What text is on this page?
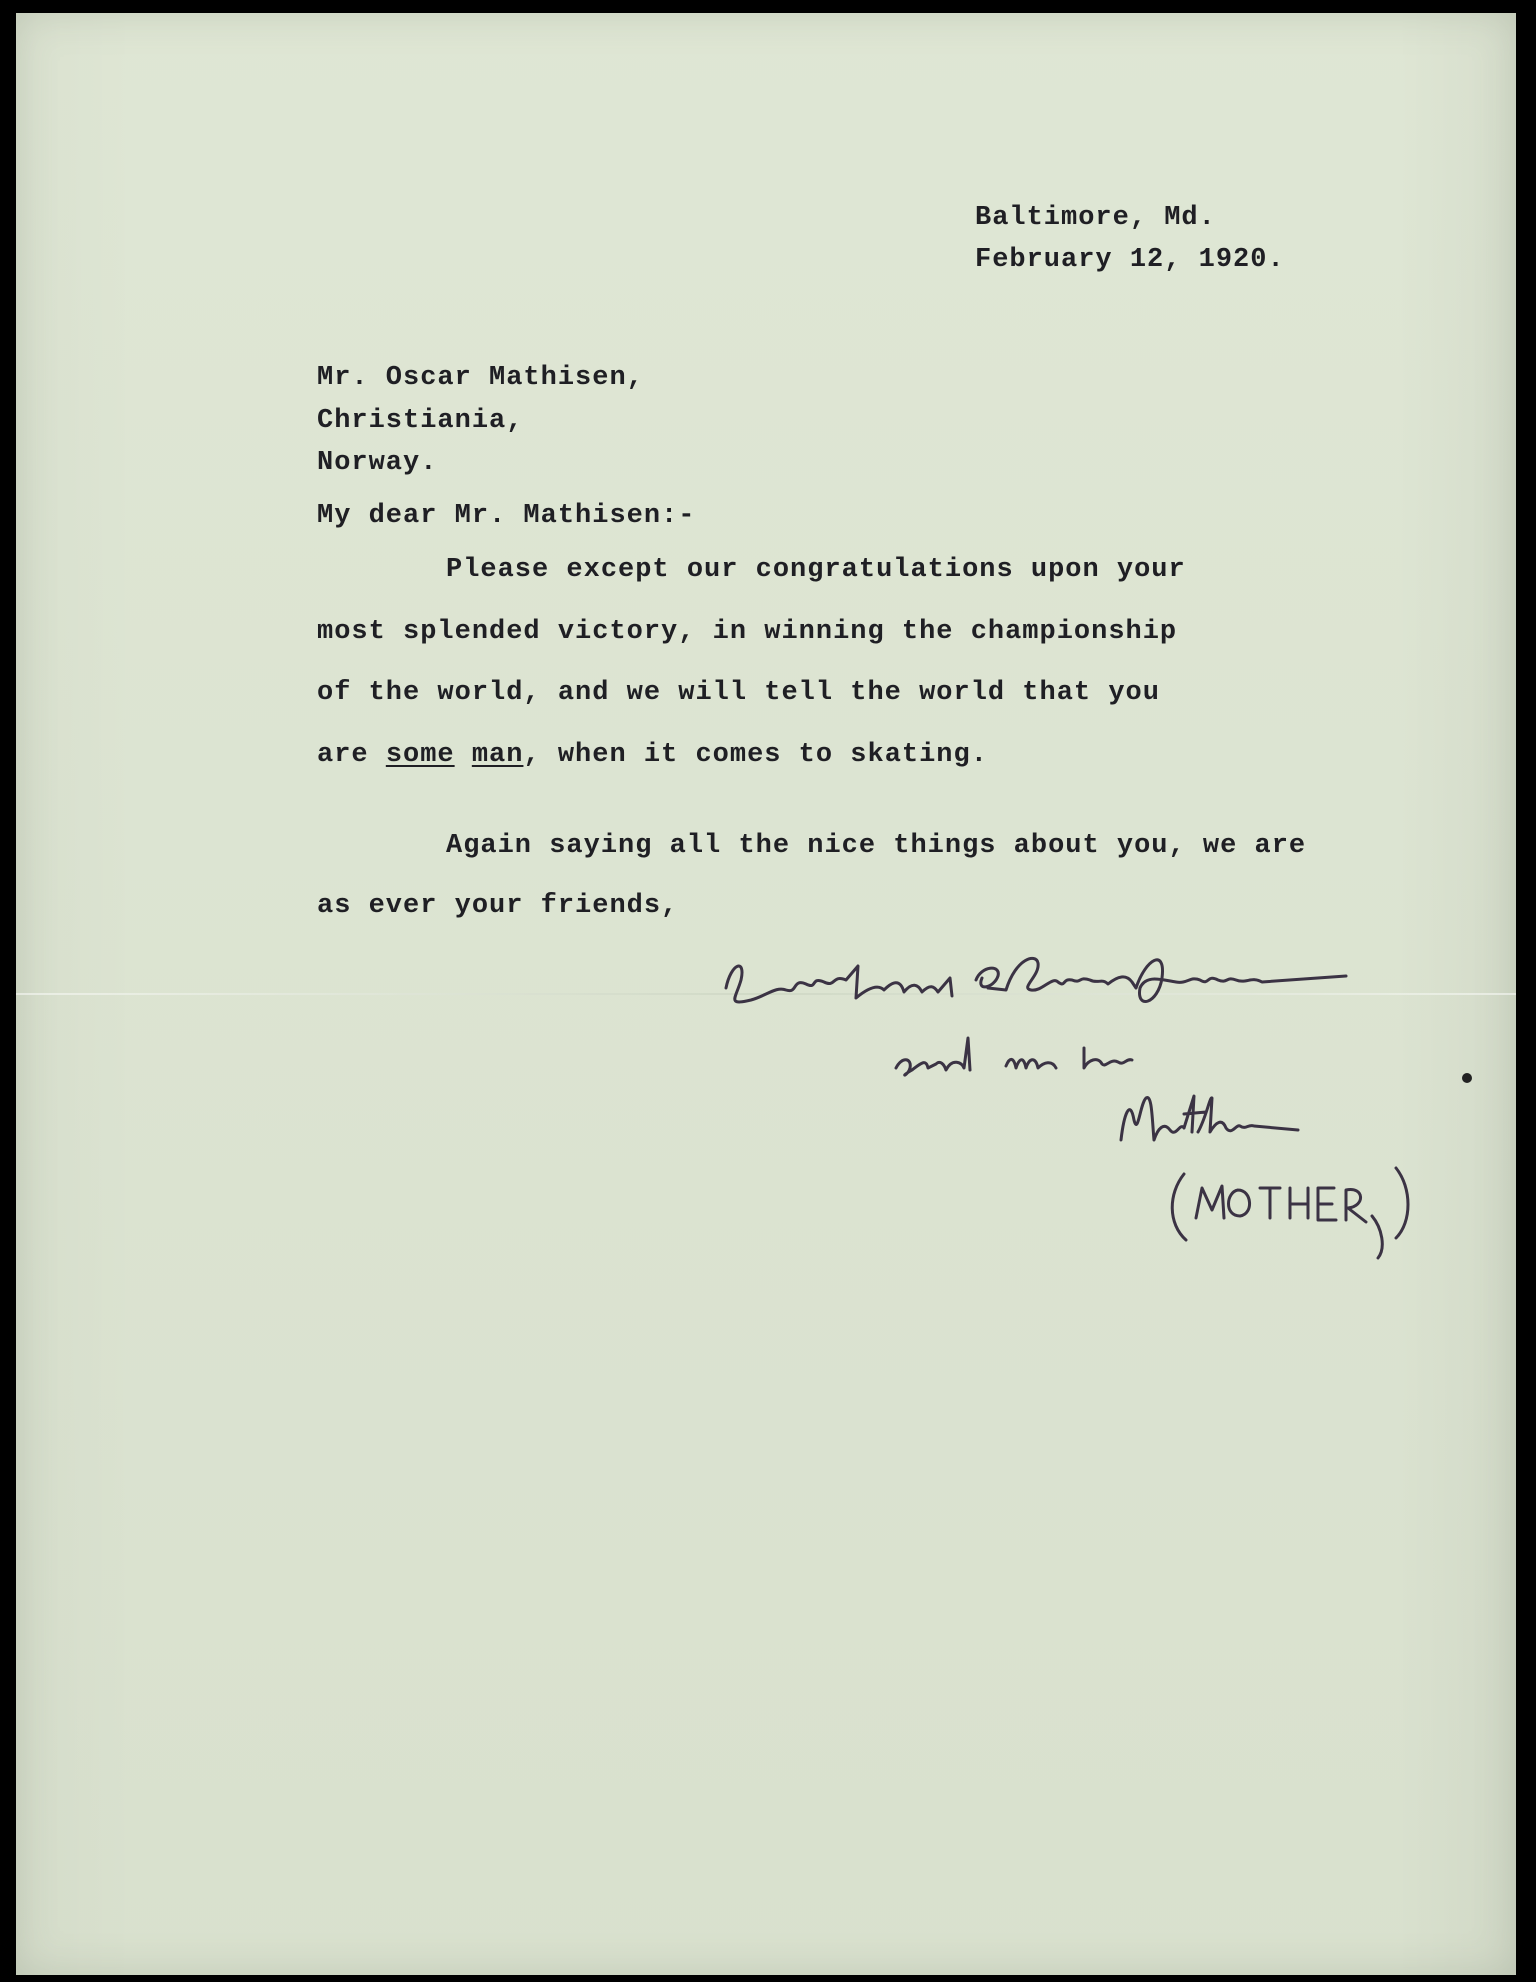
Baltimore, Md.

February 12, 1920.

Mr. Oscar Mathisen,

Christiania,

Norway.

My dear Mr. Mathisen:-

Please except our congratulations upon your

most splended victory, in winning the championship

of the world, and we will tell the world that you

are some man, when it comes to skating.

Again saying all the nice things about you, we are

as ever your friends,
